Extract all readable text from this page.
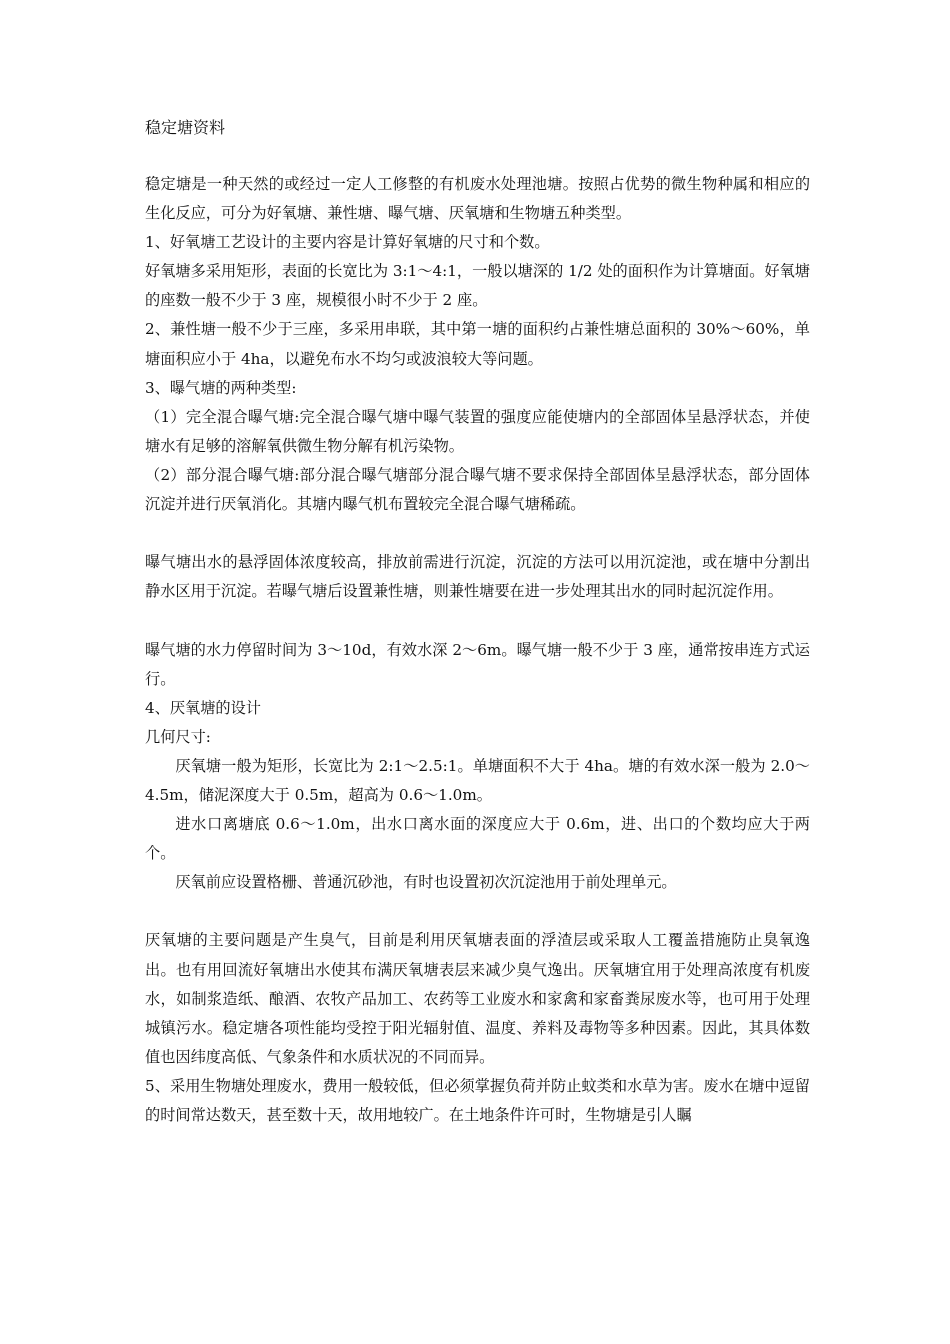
稳定塘资料

稳定塘是一种天然的或经过一定人工修整的有机废水处理池塘。按照占优势的微生物种属和相应的生化反应，可分为好氧塘、兼性塘、曝气塘、厌氧塘和生物塘五种类型。

1、好氧塘工艺设计的主要内容是计算好氧塘的尺寸和个数。

好氧塘多采用矩形，表面的长宽比为 3:1～4:1，一般以塘深的 1/2 处的面积作为计算塘面。好氧塘的座数一般不少于 3 座，规模很小时不少于 2 座。

2、兼性塘一般不少于三座，多采用串联，其中第一塘的面积约占兼性塘总面积的 30%～60%，单塘面积应小于 4ha，以避免布水不均匀或波浪较大等问题。

3、曝气塘的两种类型:

（1）完全混合曝气塘:完全混合曝气塘中曝气装置的强度应能使塘内的全部固体呈悬浮状态，并使塘水有足够的溶解氧供微生物分解有机污染物。

（2）部分混合曝气塘:部分混合曝气塘部分混合曝气塘不要求保持全部固体呈悬浮状态，部分固体沉淀并进行厌氧消化。其塘内曝气机布置较完全混合曝气塘稀疏。

曝气塘出水的悬浮固体浓度较高，排放前需进行沉淀，沉淀的方法可以用沉淀池，或在塘中分割出静水区用于沉淀。若曝气塘后设置兼性塘，则兼性塘要在进一步处理其出水的同时起沉淀作用。

曝气塘的水力停留时间为 3～10d，有效水深 2～6m。曝气塘一般不少于 3 座，通常按串连方式运行。

4、厌氧塘的设计

几何尺寸:

厌氧塘一般为矩形，长宽比为 2:1～2.5:1。单塘面积不大于 4ha。塘的有效水深一般为 2.0～4.5m，储泥深度大于 0.5m，超高为 0.6～1.0m。

进水口离塘底 0.6～1.0m，出水口离水面的深度应大于 0.6m，进、出口的个数均应大于两个。

厌氧前应设置格栅、普通沉砂池，有时也设置初次沉淀池用于前处理单元。

厌氧塘的主要问题是产生臭气，目前是利用厌氧塘表面的浮渣层或采取人工覆盖措施防止臭氧逸出。也有用回流好氧塘出水使其布满厌氧塘表层来减少臭气逸出。厌氧塘宜用于处理高浓度有机废水，如制浆造纸、酿酒、农牧产品加工、农药等工业废水和家禽和家畜粪尿废水等，也可用于处理城镇污水。稳定塘各项性能均受控于阳光辐射值、温度、养料及毒物等多种因素。因此，其具体数值也因纬度高低、气象条件和水质状况的不同而异。

5、采用生物塘处理废水，费用一般较低，但必须掌握负荷并防止蚊类和水草为害。废水在塘中逗留的时间常达数天，甚至数十天，故用地较广。在土地条件许可时，生物塘是引人瞩
